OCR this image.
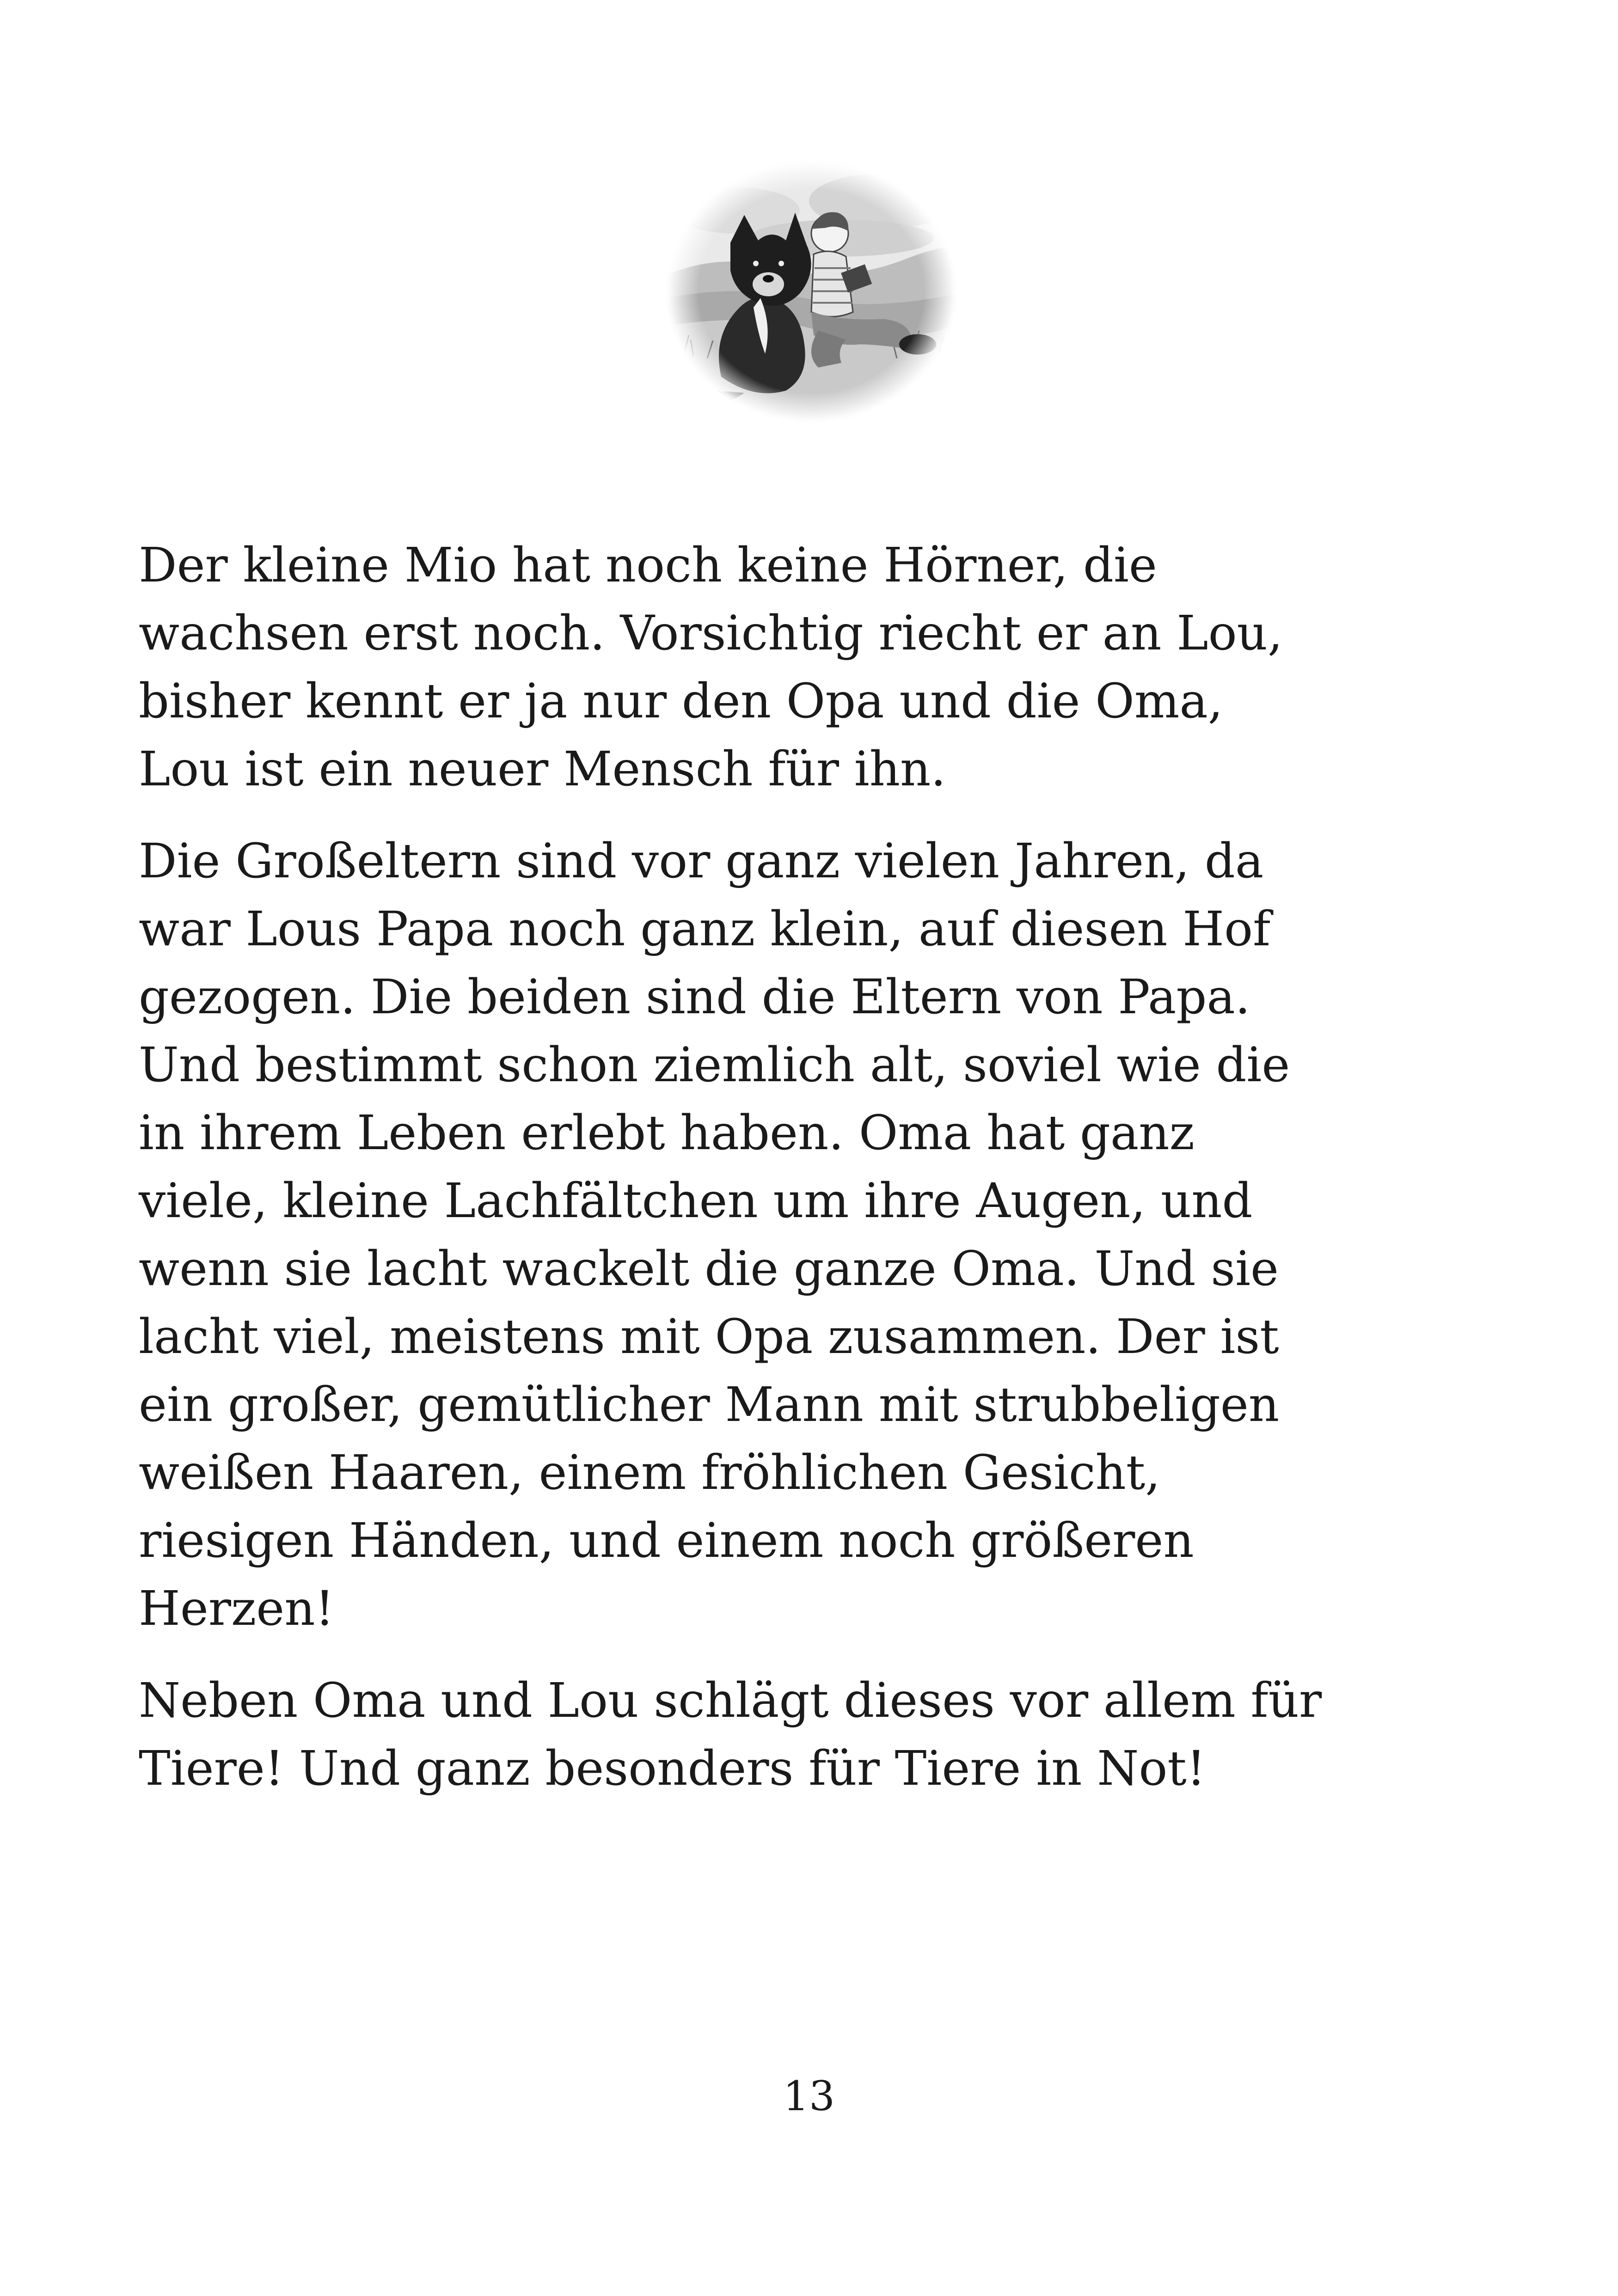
Der kleine Mio hat noch keine Hörner, die
wachsen erst noch. Vorsichtig riecht er an Lou,
bisher kennt er ja nur den Opa und die Oma,
Lou ist ein neuer Mensch für ihn.

Die Großeltern sind vor ganz vielen Jahren, da
war Lous Papa noch ganz klein, auf diesen Hof
gezogen. Die beiden sind die Eltern von Papa.
Und bestimmt schon ziemlich alt, soviel wie die
in ihrem Leben erlebt haben. Oma hat ganz
viele, kleine Lachfältchen um ihre Augen, und
wenn sie lacht wackelt die ganze Oma. Und sie
lacht viel, meistens mit Opa zusammen. Der ist
ein großer, gemütlicher Mann mit strubbeligen
weißen Haaren, einem fröhlichen Gesicht,
riesigen Händen, und einem noch größeren
Herzen!

Neben Oma und Lou schlägt dieses vor allem für
Tiere! Und ganz besonders für Tiere in Not!

13
